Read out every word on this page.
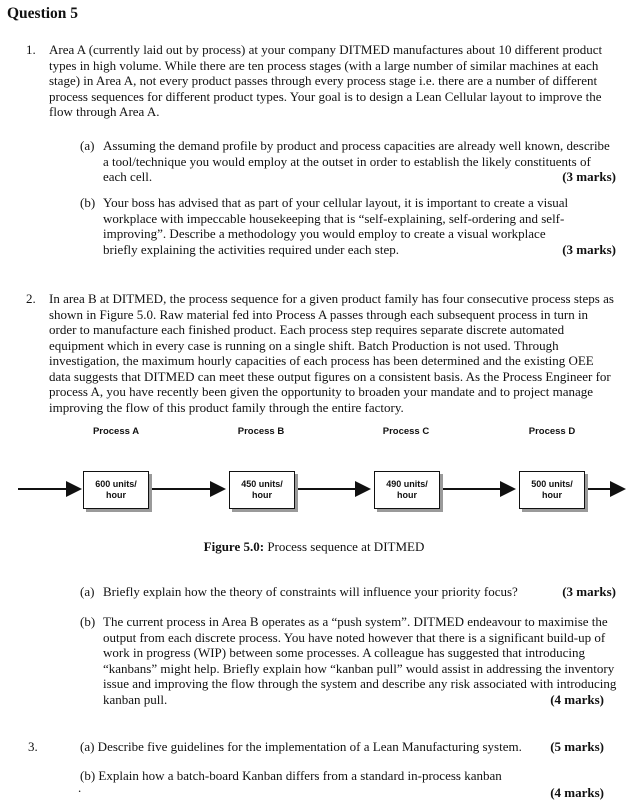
Question 5
1. Area A (currently laid out by process) at your company DITMED manufactures about 10 different product types in high volume. While there are ten process stages (with a large number of similar machines at each stage) in Area A, not every product passes through every process stage i.e. there are a number of different process sequences for different product types. Your goal is to design a Lean Cellular layout to improve the flow through Area A.
(a) Assuming the demand profile by product and process capacities are already well known, describe a tool/technique you would employ at the outset in order to establish the likely constituents of each cell.	(3 marks)
(b) Your boss has advised that as part of your cellular layout, it is important to create a visual workplace with impeccable housekeeping that is “self-explaining, self-ordering and self-improving”. Describe a methodology you would employ to create a visual workplace briefly explaining the activities required under each step.	(3 marks)
2. In area B at DITMED, the process sequence for a given product family has four consecutive process steps as shown in Figure 5.0. Raw material fed into Process A passes through each subsequent process in turn in order to manufacture each finished product. Each process step requires separate discrete automated equipment which in every case is running on a single shift. Batch Production is not used. Through investigation, the maximum hourly capacities of each process has been determined and the existing OEE data suggests that DITMED can meet these output figures on a consistent basis. As the Process Engineer for process A, you have recently been given the opportunity to broaden your mandate and to project manage improving the flow of this product family through the entire factory.
Process A	Process B	Process C	Process D
600 units/
hour
450 units/
hour
490 units/
hour
500 units/
hour
Figure 5.0: Process sequence at DITMED
(a) Briefly explain how the theory of constraints will influence your priority focus?	(3 marks)
(b) The current process in Area B operates as a “push system”. DITMED endeavour to maximise the output from each discrete process. You have noted however that there is a significant build-up of work in progress (WIP) between some processes. A colleague has suggested that introducing “kanbans” might help. Briefly explain how “kanban pull” would assist in addressing the inventory issue and improving the flow through the system and describe any risk associated with introducing kanban pull.	(4 marks)
3.	(a) Describe five guidelines for the implementation of a Lean Manufacturing system.	(5 marks)
(b) Explain how a batch-board Kanban differs from a standard in-process kanban
.	(4 marks)
